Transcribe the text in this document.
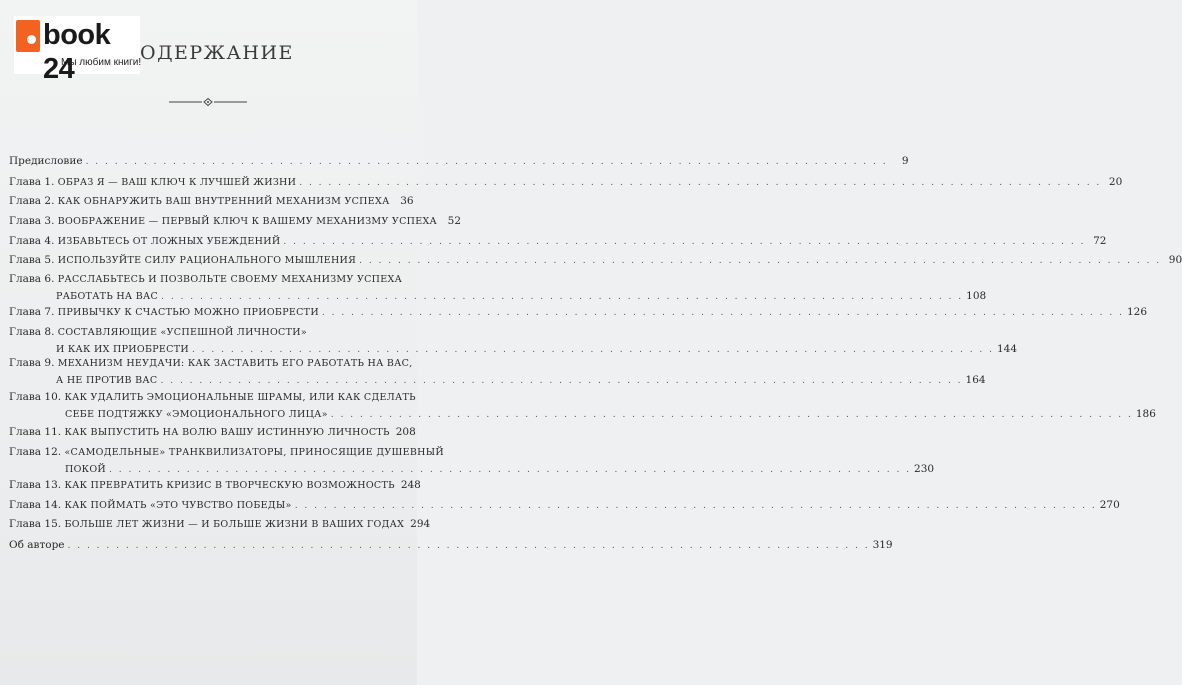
book 24
Мы любим книги!
ОДЕРЖАНИЕ
Предисловие . . .	9
Глава 1. ОБРАЗ Я — ВАШ КЛЮЧ К ЛУЧШЕЙ ЖИЗНИ . . .	20
Глава 2. КАК ОБНАРУЖИТЬ ВАШ ВНУТРЕННИЙ МЕХАНИЗМ УСПЕХА	36
Глава 3. ВООБРАЖЕНИЕ — ПЕРВЫЙ КЛЮЧ К ВАШЕМУ МЕХАНИЗМУ УСПЕХА	52
Глава 4. ИЗБАВЬТЕСЬ ОТ ЛОЖНЫХ УБЕЖДЕНИЙ . . .	72
Глава 5. ИСПОЛЬЗУЙТЕ СИЛУ РАЦИОНАЛЬНОГО МЫШЛЕНИЯ . . .	90
Глава 6. РАССЛАБЬТЕСЬ И ПОЗВОЛЬТЕ СВОЕМУ МЕХАНИЗМУ УСПЕХА
РАБОТАТЬ НА ВАС . . .	108
Глава 7. ПРИВЫЧКУ К СЧАСТЬЮ МОЖНО ПРИОБРЕСТИ . . .	126
Глава 8. СОСТАВЛЯЮЩИЕ «УСПЕШНОЙ ЛИЧНОСТИ»
И КАК ИХ ПРИОБРЕСТИ . . .	144
Глава 9. МЕХАНИЗМ НЕУДАЧИ: КАК ЗАСТАВИТЬ ЕГО РАБОТАТЬ НА ВАС,
А НЕ ПРОТИВ ВАС . . .	164
Глава 10. КАК УДАЛИТЬ ЭМОЦИОНАЛЬНЫЕ ШРАМЫ, ИЛИ КАК СДЕЛАТЬ
СЕБЕ ПОДТЯЖКУ «ЭМОЦИОНАЛЬНОГО ЛИЦА» . . .	186
Глава 11. КАК ВЫПУСТИТЬ НА ВОЛЮ ВАШУ ИСТИННУЮ ЛИЧНОСТЬ 208
Глава 12. «САМОДЕЛЬНЫЕ» ТРАНКВИЛИЗАТОРЫ, ПРИНОСЯЩИЕ ДУШЕВНЫЙ
ПОКОЙ . . .	230
Глава 13. КАК ПРЕВРАТИТЬ КРИЗИС В ТВОРЧЕСКУЮ ВОЗМОЖНОСТЬ 248
Глава 14. КАК ПОЙМАТЬ «ЭТО ЧУВСТВО ПОБЕДЫ» . . .	270
Глава 15. БОЛЬШЕ ЛЕТ ЖИЗНИ — И БОЛЬШЕ ЖИЗНИ В ВАШИХ ГОДАХ 294
Об авторе . . .	319
